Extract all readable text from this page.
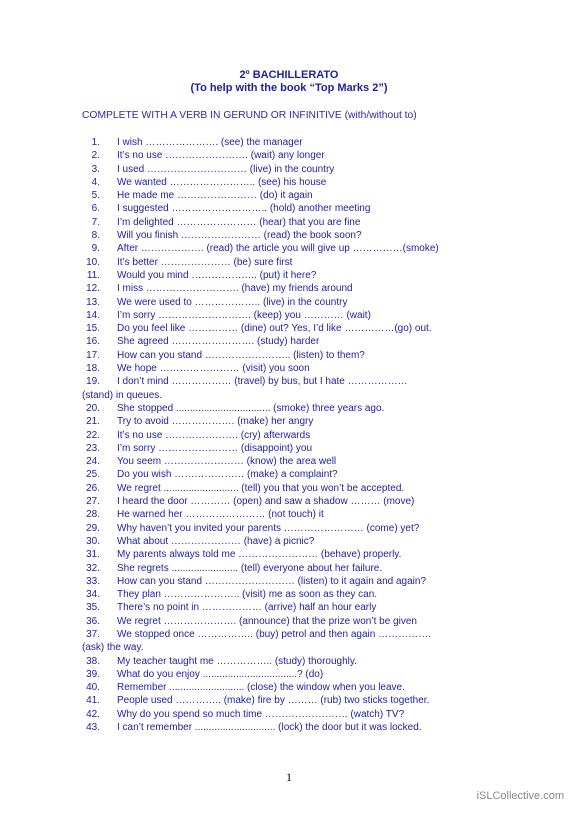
2º BACHILLERATO
(To help with the book “Top Marks 2”)
COMPLETE WITH A VERB IN GERUND OR INFINITIVE (with/without to)
1. I wish …………………. (see) the manager
2. It’s no use ……………………. (wait) any longer
3. I used ………………………… (live) in the country
4. We wanted …………………….. (see) his house
5. He made me …………………… (do) it again
6. I suggested ……………………….. (hold) another meeting
7. I’m delighted …………………… (hear) that you are fine
8. Will you finish …………………… (read) the book soon?
9. After ………………. (read) the article you will give up ……………(smoke)
10. It’s better ………………… (be) sure first
11. Would you mind ……………….. (put) it here?
12. I miss ………………………. (have) my friends around
13. We were used to ……………….. (live) in the country
14. I’m sorry ………………………. (keep) you ………… (wait)
15. Do you feel like …………… (dine) out? Yes, I’d like ……………(go) out.
16. She agreed ……………………. (study) harder
17. How can you stand …………………….. (listen) to them?
18. We hope …………………… (visit) you soon
19. I don’t mind ……………… (travel) by bus, but I hate ………………
(stand) in queues.
20. She stopped .................................. (smoke) three years ago.
21. Try to avoid ………………. (make) her angry
22. It’s no use …………………. (cry) afterwards
23. I’m sorry …………………… (disappoint) you
24. You seem …………………… (know) the area well
25. Do you wish ………………… (make) a complaint?
26. We regret ........................... (tell) you that you won’t be accepted.
27. I heard the door ………… (open) and saw a shadow ……… (move)
28. He warned her …………………… (not touch) it
29. Why haven’t you invited your parents …………………… (come) yet?
30. What about ………………… (have) a picnic?
31. My parents always told me …………………… (behave) properly.
32. She regrets ........................ (tell) everyone about her failure.
33. How can you stand ……………………… (listen) to it again and again?
34. They plan ………………….. (visit) me as soon as they can.
35. There’s no point in ……………… (arrive) half an hour early
36. We regret …………………. (announce) that the prize won’t be given
37. We stopped once …………….. (buy) petrol and then again …………….
(ask) the way.
38. My teacher taught me …………….. (study) thoroughly.
39. What do you enjoy ..................................? (do)
40. Remember ........................... (close) the window when you leave.
41. People used ………….. (make) fire by ……… (rub) two sticks together.
42. Why do you spend so much time ……………………. (watch) TV?
43. I can’t remember ............................. (lock) the door but it was locked.
1
iSLCollective.com
